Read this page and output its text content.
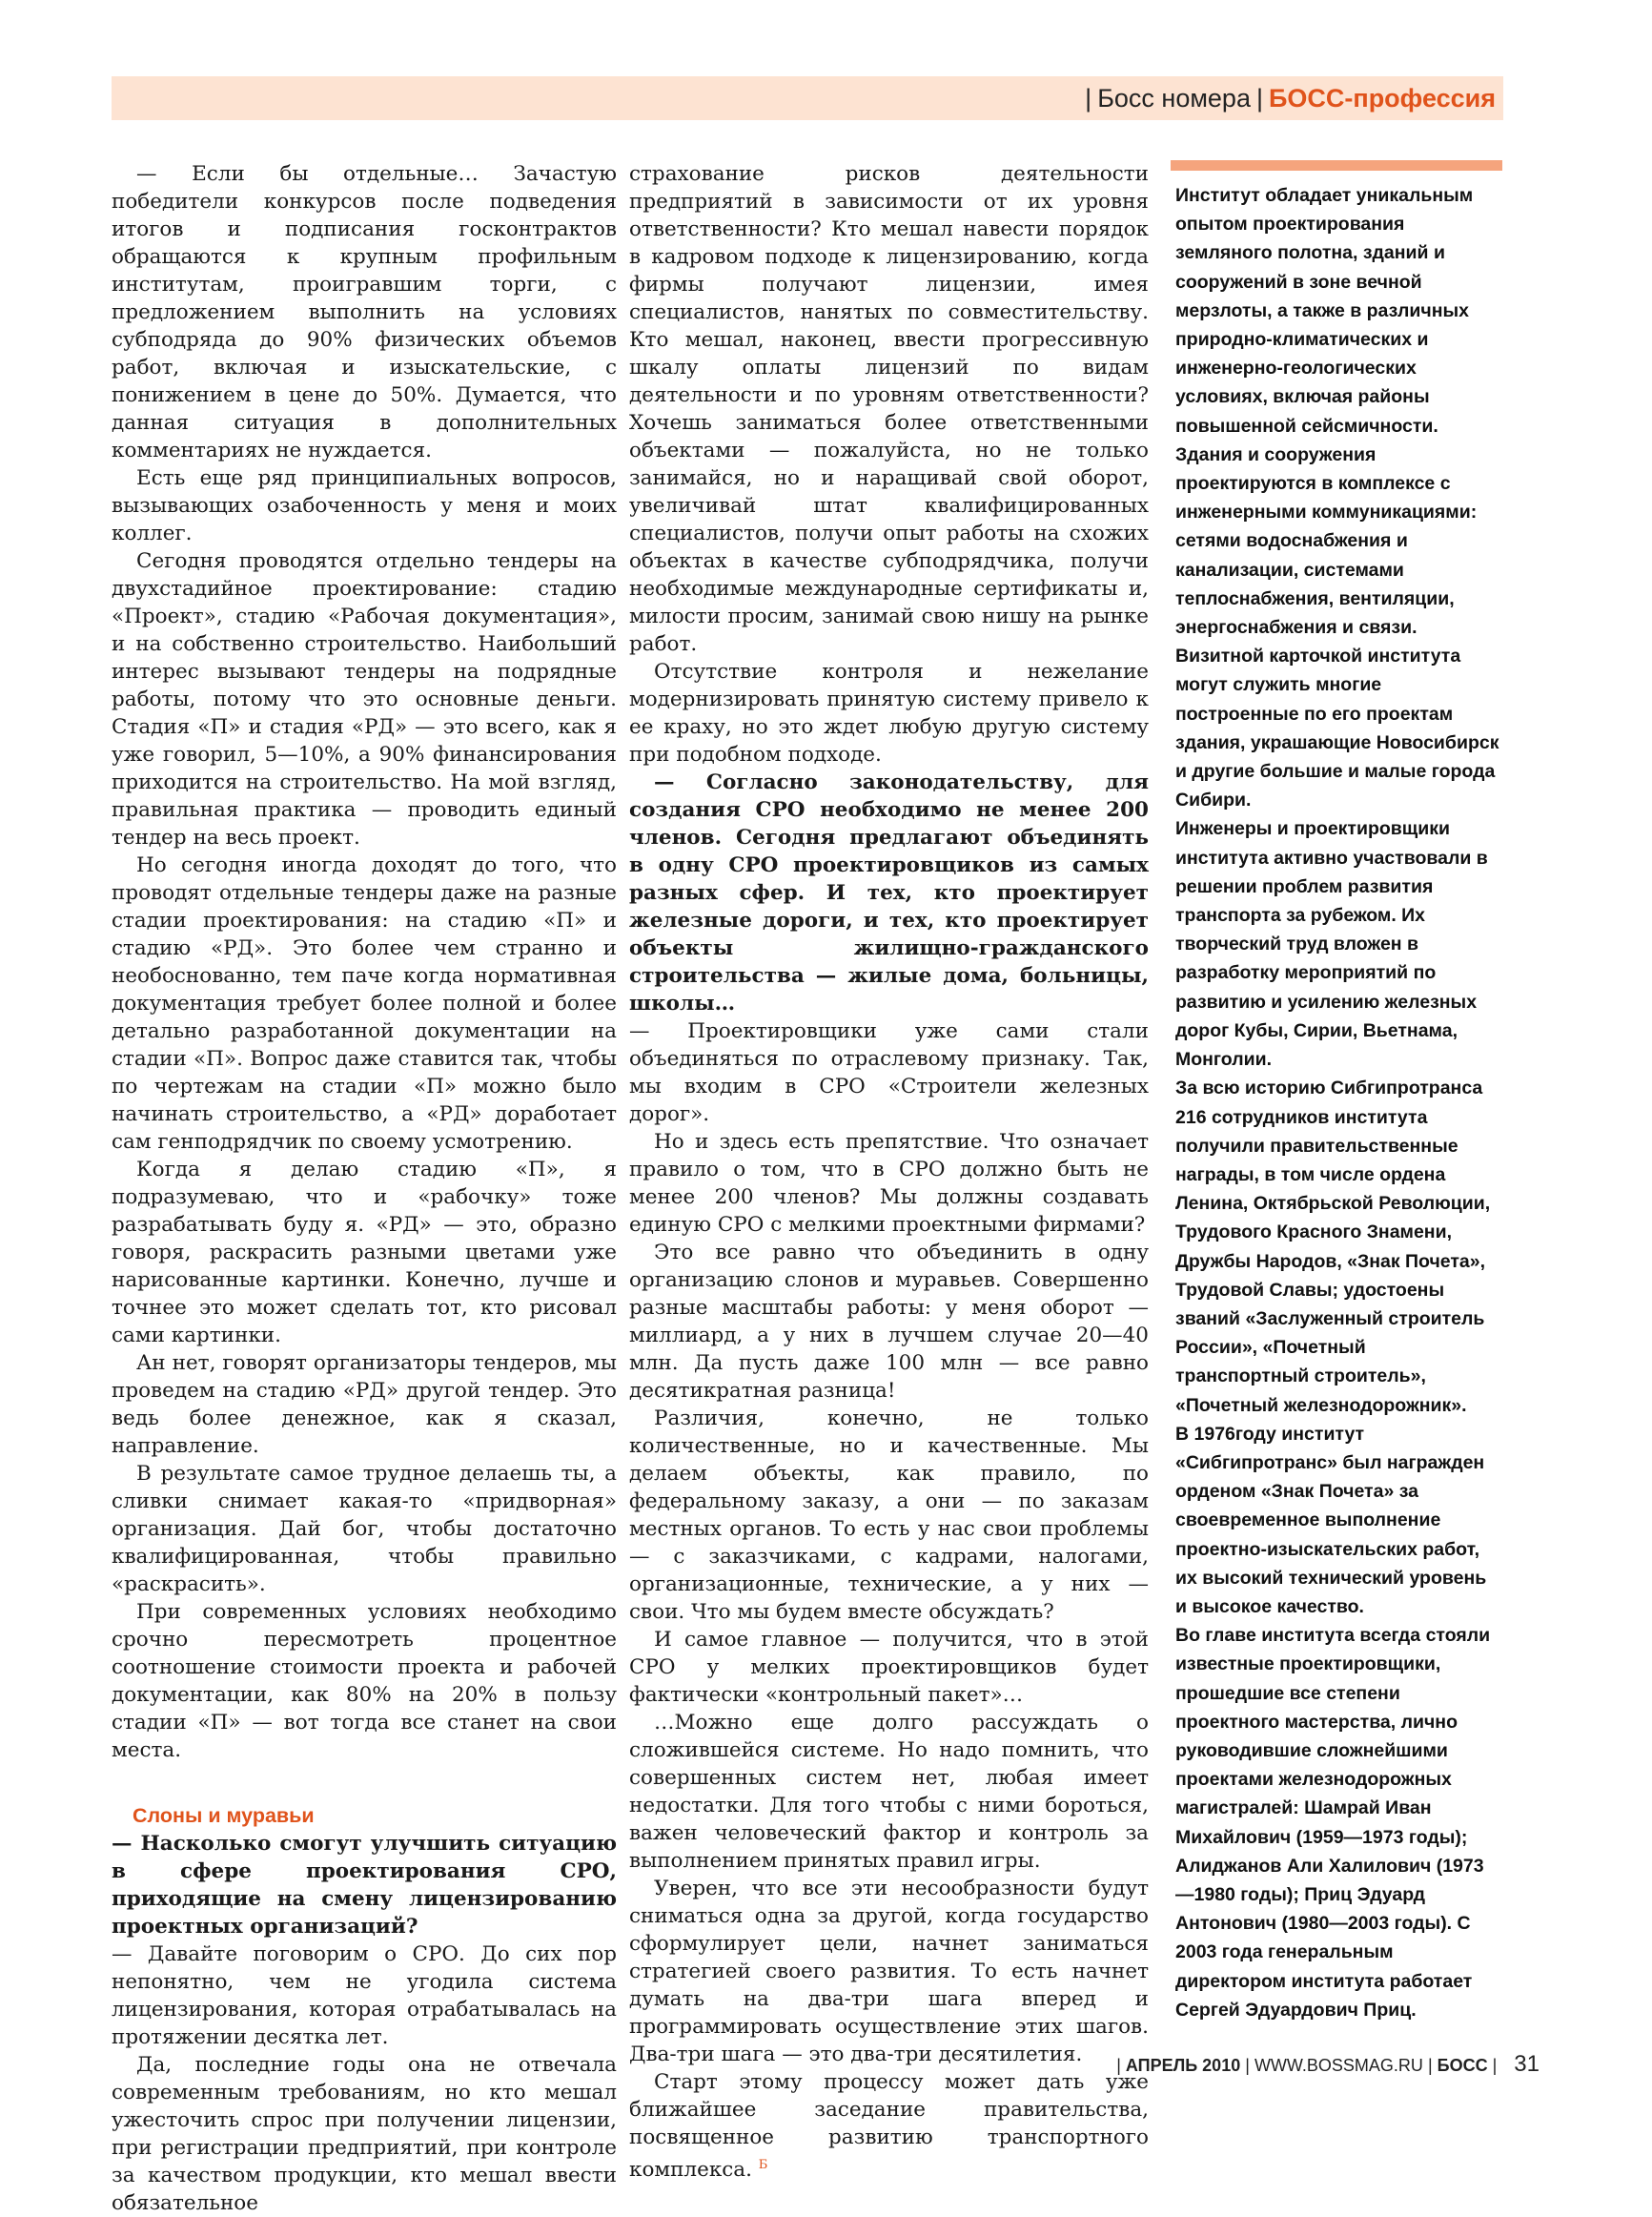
| Босс номера | БОСС-профессия

— Если бы отдельные… Зачастую победители конкурсов после подведения итогов и подписания госконтрактов обращаются к крупным профильным институтам, проигравшим торги, с предложением выполнить на условиях субподряда до 90% физических объемов работ, включая и изыскательские, с понижением в цене до 50%. Думается, что данная ситуация в дополнительных комментариях не нуждается.

Есть еще ряд принципиальных вопросов, вызывающих озабоченность у меня и моих коллег.

Сегодня проводятся отдельно тендеры на двухстадийное проектирование: стадию «Проект», стадию «Рабочая документация», и на собственно строительство. Наибольший интерес вызывают тендеры на подрядные работы, потому что это основные деньги. Стадия «П» и стадия «РД» — это всего, как я уже говорил, 5—10%, а 90% финансирования приходится на строительство. На мой взгляд, правильная практика — проводить единый тендер на весь проект.

Но сегодня иногда доходят до того, что проводят отдельные тендеры даже на разные стадии проектирования: на стадию «П» и стадию «РД». Это более чем странно и необоснованно, тем паче когда нормативная документация требует более полной и более детально разработанной документации на стадии «П». Вопрос даже ставится так, чтобы по чертежам на стадии «П» можно было начинать строительство, а «РД» доработает сам генподрядчик по своему усмотрению.

Когда я делаю стадию «П», я подразумеваю, что и «рабочку» тоже разрабатывать буду я. «РД» — это, образно говоря, раскрасить разными цветами уже нарисованные картинки. Конечно, лучше и точнее это может сделать тот, кто рисовал сами картинки.

Ан нет, говорят организаторы тендеров, мы проведем на стадию «РД» другой тендер. Это ведь более денежное, как я сказал, направление.

В результате самое трудное делаешь ты, а сливки снимает какая-то «придворная» организация. Дай бог, чтобы достаточно квалифицированная, чтобы правильно «раскрасить».

При современных условиях необходимо срочно пересмотреть процентное соотношение стоимости проекта и рабочей документации, как 80% на 20% в пользу стадии «П» — вот тогда все станет на свои места.

Слоны и муравьи

— Насколько смогут улучшить ситуацию в сфере проектирования СРО, приходящие на смену лицензированию проектных организаций?

— Давайте поговорим о СРО. До сих пор непонятно, чем не угодила система лицензирования, которая отрабатывалась на протяжении десятка лет.

Да, последние годы она не отвечала современным требованиям, но кто мешал ужесточить спрос при получении лицензии, при регистрации предприятий, при контроле за качеством продукции, кто мешал ввести обязательное

страхование рисков деятельности предприятий в зависимости от их уровня ответственности? Кто мешал навести порядок в кадровом подходе к лицензированию, когда фирмы получают лицензии, имея специалистов, нанятых по совместительству. Кто мешал, наконец, ввести прогрессивную шкалу оплаты лицензий по видам деятельности и по уровням ответственности? Хочешь заниматься более ответственными объектами — пожалуйста, но не только занимайся, но и наращивай свой оборот, увеличивай штат квалифицированных специалистов, получи опыт работы на схожих объектах в качестве субподрядчика, получи необходимые международные сертификаты и, милости просим, занимай свою нишу на рынке работ.

Отсутствие контроля и нежелание модернизировать принятую систему привело к ее краху, но это ждет любую другую систему при подобном подходе.

— Согласно законодательству, для создания СРО необходимо не менее 200 членов. Сегодня предлагают объединять в одну СРО проектировщиков из самых разных сфер. И тех, кто проектирует железные дороги, и тех, кто проектирует объекты жилищно-гражданского строительства — жилые дома, больницы, школы…

— Проектировщики уже сами стали объединяться по отраслевому признаку. Так, мы входим в СРО «Строители железных дорог».

Но и здесь есть препятствие. Что означает правило о том, что в СРО должно быть не менее 200 членов? Мы должны создавать единую СРО с мелкими проектными фирмами?

Это все равно что объединить в одну организацию слонов и муравьев. Совершенно разные масштабы работы: у меня оборот — миллиард, а у них в лучшем случае 20—40 млн. Да пусть даже 100 млн — все равно десятикратная разница!

Различия, конечно, не только количественные, но и качественные. Мы делаем объекты, как правило, по федеральному заказу, а они — по заказам местных органов. То есть у нас свои проблемы — с заказчиками, с кадрами, налогами, организационные, технические, а у них — свои. Что мы будем вместе обсуждать?

И самое главное — получится, что в этой СРО у мелких проектировщиков будет фактически «контрольный пакет»…

…Можно еще долго рассуждать о сложившейся системе. Но надо помнить, что совершенных систем нет, любая имеет недостатки. Для того чтобы с ними бороться, важен человеческий фактор и контроль за выполнением принятых правил игры.

Уверен, что все эти несообразности будут сниматься одна за другой, когда государство сформулирует цели, начнет заниматься стратегией своего развития. То есть начнет думать на два-три шага вперед и программировать осуществление этих шагов. Два-три шага — это два-три десятилетия.

Старт этому процессу может дать уже ближайшее заседание правительства, посвященное развитию транспортного комплекса. $^Б$

Институт обладает уникальным опытом проектирования земляного полотна, зданий и сооружений в зоне вечной мерзлоты, а также в различных природно-климатических и инженерно-геологических условиях, включая районы повышенной сейсмичности. Здания и сооружения проектируются в комплексе с инженерными коммуникациями: сетями водоснабжения и канализации, системами теплоснабжения, вентиляции, энергоснабжения и связи. Визитной карточкой института могут служить многие построенные по его проектам здания, украшающие Новосибирск и другие большие и малые города Сибири.

Инженеры и проектировщики института активно участвовали в решении проблем развития транспорта за рубежом. Их творческий труд вложен в разработку мероприятий по развитию и усилению железных дорог Кубы, Сирии, Вьетнама, Монголии.

За всю историю Сибгипротранса 216 сотрудников института получили правительственные награды, в том числе ордена Ленина, Октябрьской Революции, Трудового Красного Знамени, Дружбы Народов, «Знак Почета», Трудовой Славы; удостоены званий «Заслуженный строитель России», «Почетный транспортный строитель», «Почетный железнодорожник».

В 1976году институт «Сибгипротранс» был награжден орденом «Знак Почета» за своевременное выполнение проектно-изыскательских работ, их высокий технический уровень и высокое качество.

Во главе института всегда стояли известные проектировщики, прошедшие все степени проектного мастерства, лично руководившие сложнейшими проектами железнодорожных магистралей: Шамрай Иван Михайлович (1959—1973 годы); Алиджанов Али Халилович (1973—1980 годы); Приц Эдуард Антонович (1980—2003 годы). С 2003 года генеральным директором института работает Сергей Эдуардович Приц.

| АПРЕЛЬ 2010 | WWW.BOSSMAG.RU | БОСС | 31
